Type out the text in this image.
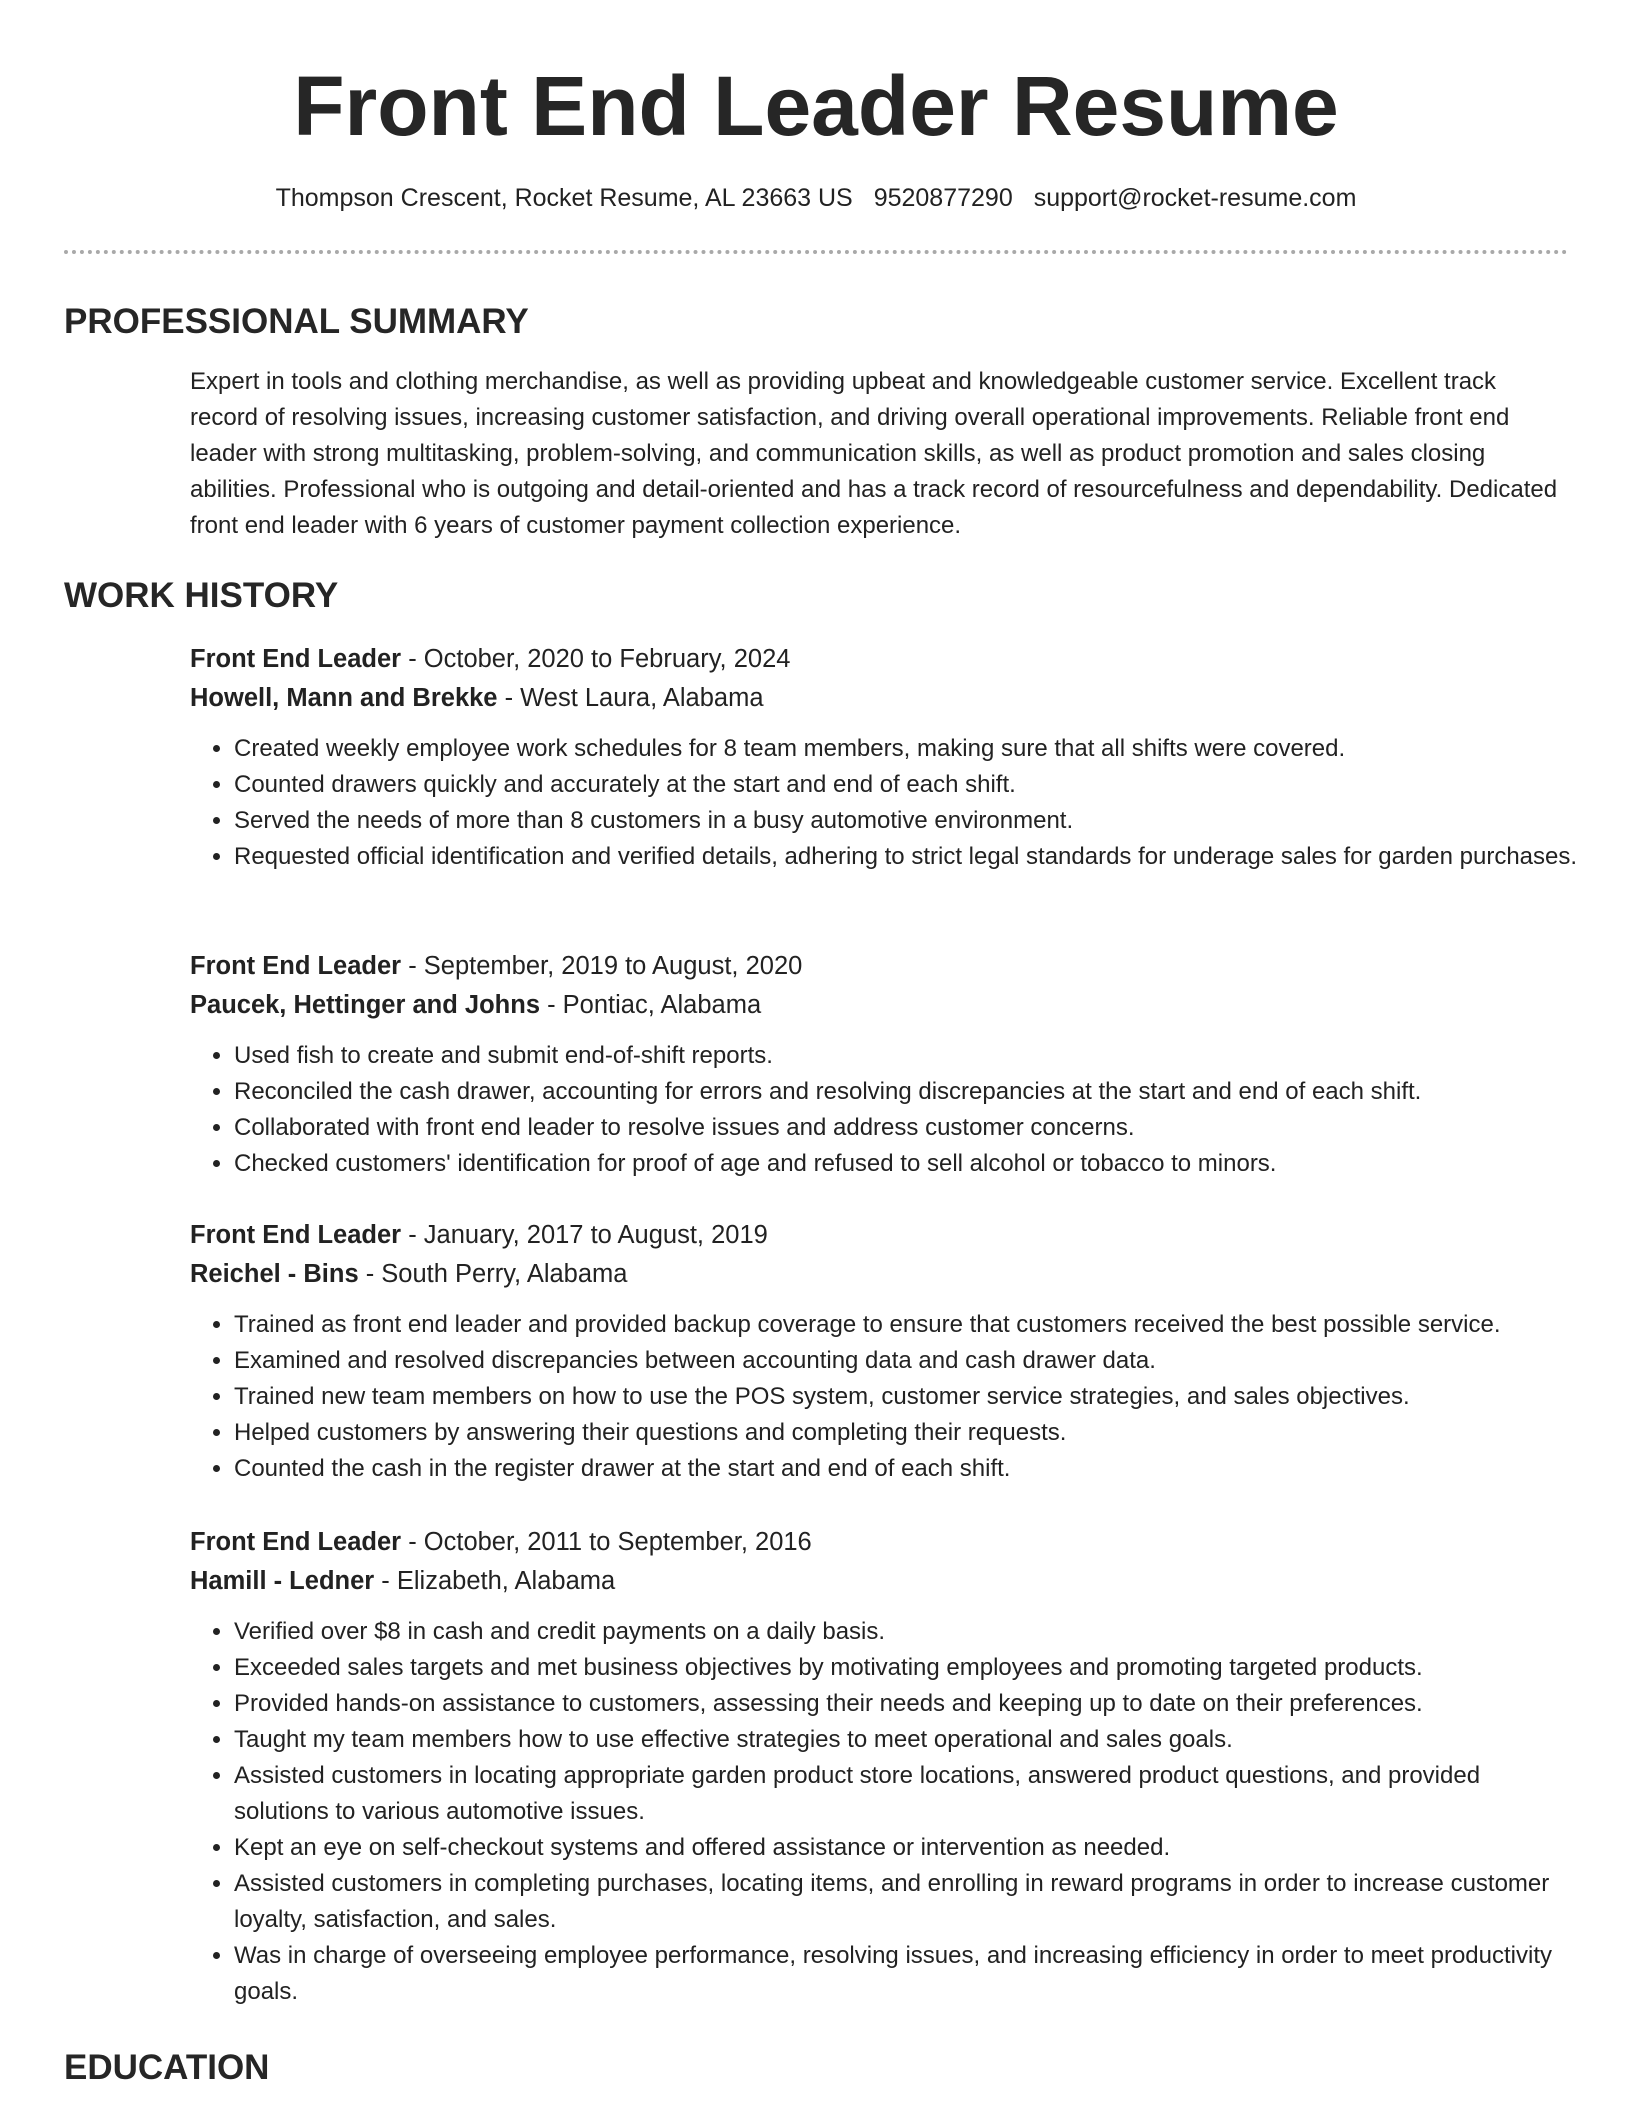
Front End Leader Resume
Thompson Crescent, Rocket Resume, AL 23663 US 9520877290 support@rocket-resume.com
PROFESSIONAL SUMMARY

Expert in tools and clothing merchandise, as well as providing upbeat and knowledgeable customer service. Excellent track record of resolving issues, increasing customer satisfaction, and driving overall operational improvements. Reliable front end leader with strong multitasking, problem-solving, and communication skills, as well as product promotion and sales closing abilities. Professional who is outgoing and detail-oriented and has a track record of resourcefulness and dependability. Dedicated front end leader with 6 years of customer payment collection experience.

WORK HISTORY

Front End Leader - October, 2020 to February, 2024

Howell, Mann and Brekke - West Laura, Alabama

• Created weekly employee work schedules for 8 team members, making sure that all shifts were covered.
• Counted drawers quickly and accurately at the start and end of each shift.
• Served the needs of more than 8 customers in a busy automotive environment.
• Requested official identification and verified details, adhering to strict legal standards for underage sales for garden purchases.

Front End Leader - September, 2019 to August, 2020

Paucek, Hettinger and Johns - Pontiac, Alabama

• Used fish to create and submit end-of-shift reports.
• Reconciled the cash drawer, accounting for errors and resolving discrepancies at the start and end of each shift.
• Collaborated with front end leader to resolve issues and address customer concerns.
• Checked customers' identification for proof of age and refused to sell alcohol or tobacco to minors.

Front End Leader - January, 2017 to August, 2019

Reichel - Bins - South Perry, Alabama

• Trained as front end leader and provided backup coverage to ensure that customers received the best possible service.
• Examined and resolved discrepancies between accounting data and cash drawer data.
• Trained new team members on how to use the POS system, customer service strategies, and sales objectives.
• Helped customers by answering their questions and completing their requests.
• Counted the cash in the register drawer at the start and end of each shift.

Front End Leader - October, 2011 to September, 2016

Hamill - Ledner - Elizabeth, Alabama

• Verified over $8 in cash and credit payments on a daily basis.
• Exceeded sales targets and met business objectives by motivating employees and promoting targeted products.
• Provided hands-on assistance to customers, assessing their needs and keeping up to date on their preferences.
• Taught my team members how to use effective strategies to meet operational and sales goals.
• Assisted customers in locating appropriate garden product store locations, answered product questions, and provided solutions to various automotive issues.
• Kept an eye on self-checkout systems and offered assistance or intervention as needed.
• Assisted customers in completing purchases, locating items, and enrolling in reward programs in order to increase customer loyalty, satisfaction, and sales.
• Was in charge of overseeing employee performance, resolving issues, and increasing efficiency in order to meet productivity goals.
EDUCATION
